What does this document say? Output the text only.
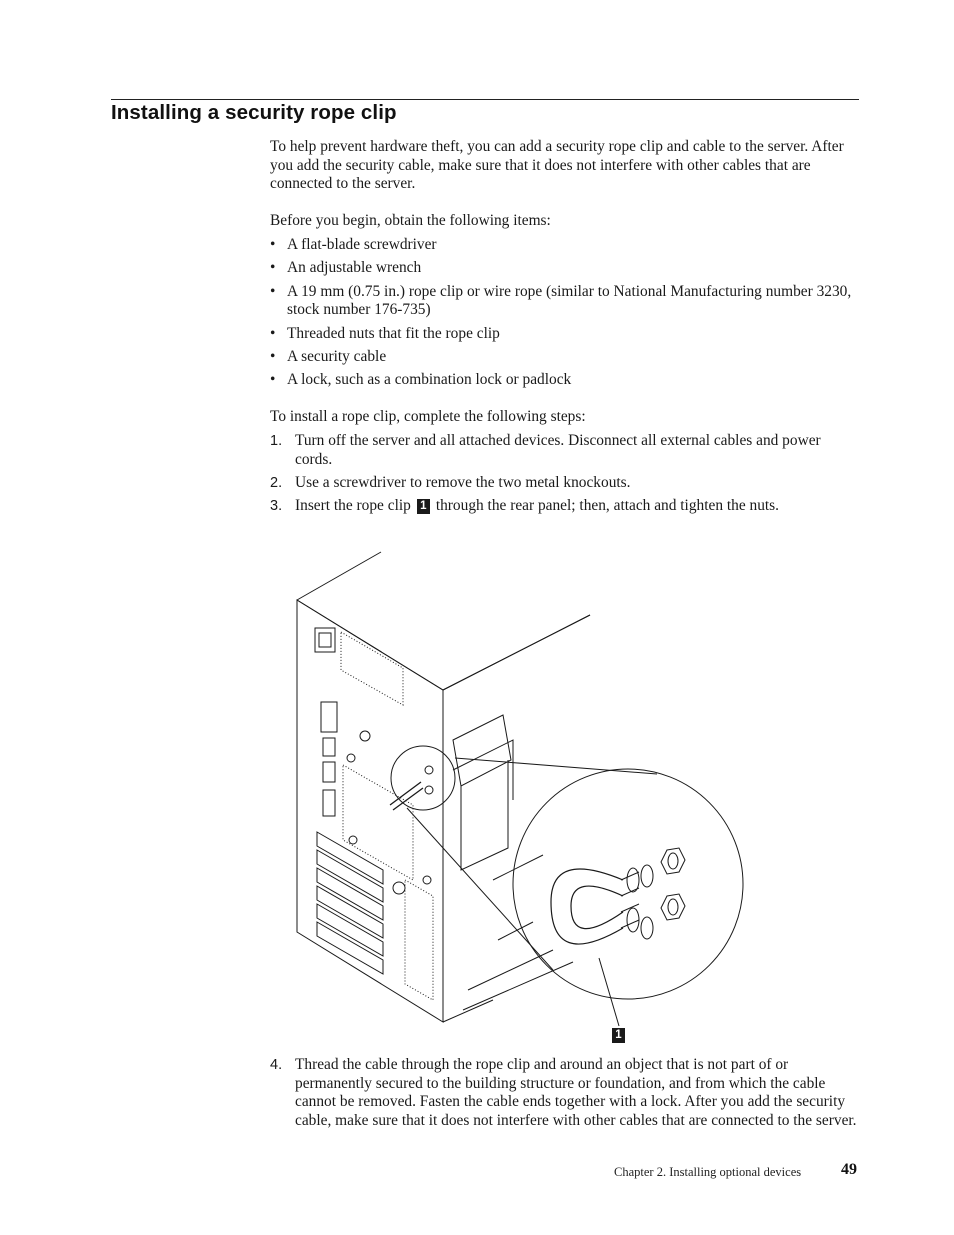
Installing a security rope clip

To help prevent hardware theft, you can add a security rope clip and cable to the server. After you add the security cable, make sure that it does not interfere with other cables that are connected to the server.

Before you begin, obtain the following items:

• A flat-blade screwdriver
• An adjustable wrench
• A 19 mm (0.75 in.) rope clip or wire rope (similar to National Manufacturing number 3230, stock number 176-735)
• Threaded nuts that fit the rope clip
• A security cable
• A lock, such as a combination lock or padlock

To install a rope clip, complete the following steps:

1. Turn off the server and all attached devices. Disconnect all external cables and power cords.
2. Use a screwdriver to remove the two metal knockouts.
3. Insert the rope clip 1 through the rear panel; then, attach and tighten the nuts.
1
4. Thread the cable through the rope clip and around an object that is not part of or permanently secured to the building structure or foundation, and from which the cable cannot be removed. Fasten the cable ends together with a lock. After you add the security cable, make sure that it does not interfere with other cables that are connected to the server.
Chapter 2. Installing optional devices 49
